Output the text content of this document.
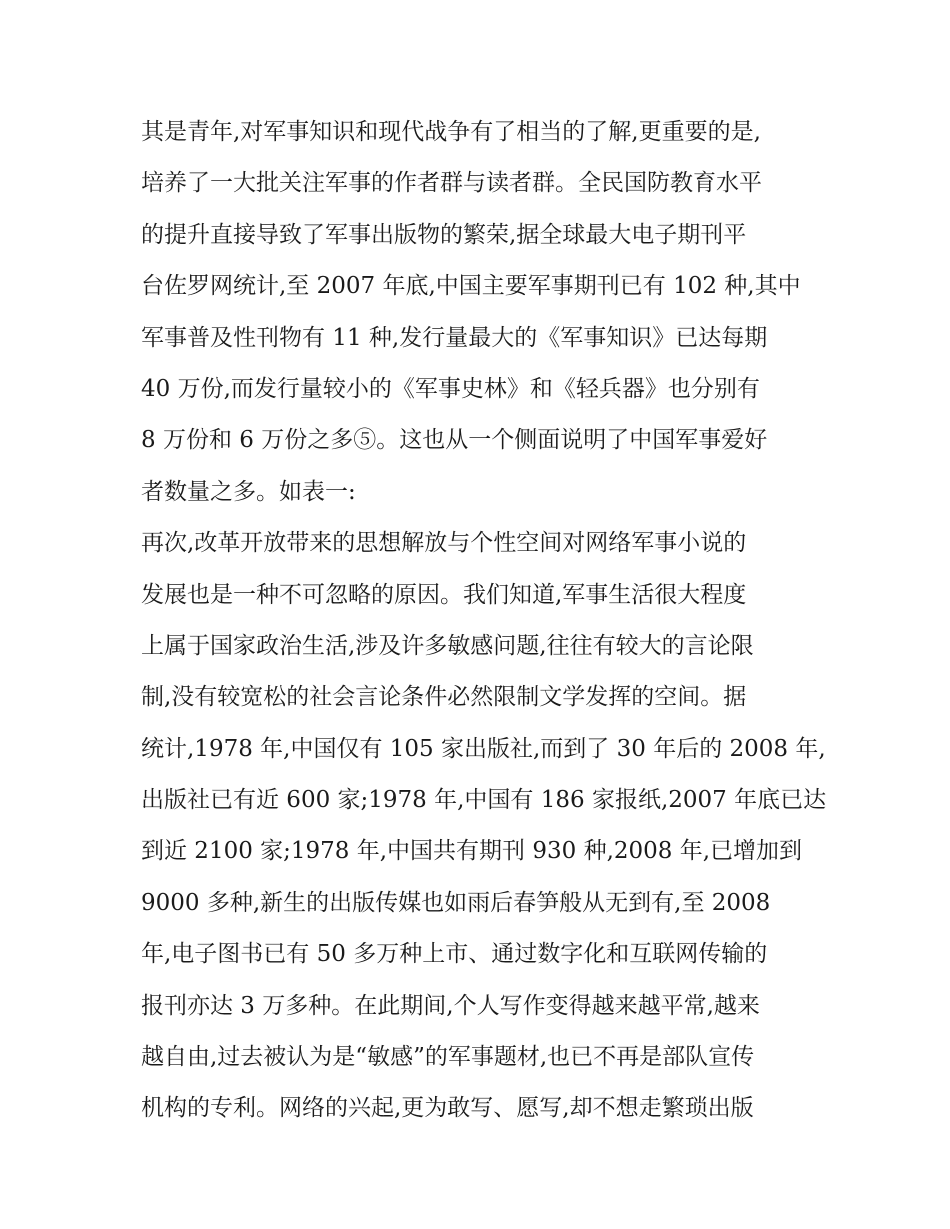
其是青年,对军事知识和现代战争有了相当的了解,更重要的是,
培养了一大批关注军事的作者群与读者群。全民国防教育水平
的提升直接导致了军事出版物的繁荣,据全球最大电子期刊平
台佐罗网统计,至 2007 年底,中国主要军事期刊已有 102 种,其中
军事普及性刊物有 11 种,发行量最大的《军事知识》已达每期
40 万份,而发行量较小的《军事史林》和《轻兵器》也分别有
8 万份和 6 万份之多⑤。这也从一个侧面说明了中国军事爱好
者数量之多。如表一:
再次,改革开放带来的思想解放与个性空间对网络军事小说的
发展也是一种不可忽略的原因。我们知道,军事生活很大程度
上属于国家政治生活,涉及许多敏感问题,往往有较大的言论限
制,没有较宽松的社会言论条件必然限制文学发挥的空间。据
统计,1978 年,中国仅有 105 家出版社,而到了 30 年后的 2008 年,
出版社已有近 600 家;1978 年,中国有 186 家报纸,2007 年底已达
到近 2100 家;1978 年,中国共有期刊 930 种,2008 年,已增加到
9000 多种,新生的出版传媒也如雨后春笋般从无到有,至 2008
年,电子图书已有 50 多万种上市、通过数字化和互联网传输的
报刊亦达 3 万多种。在此期间,个人写作变得越来越平常,越来
越自由,过去被认为是“敏感”的军事题材,也已不再是部队宣传
机构的专利。网络的兴起,更为敢写、愿写,却不想走繁琐出版
